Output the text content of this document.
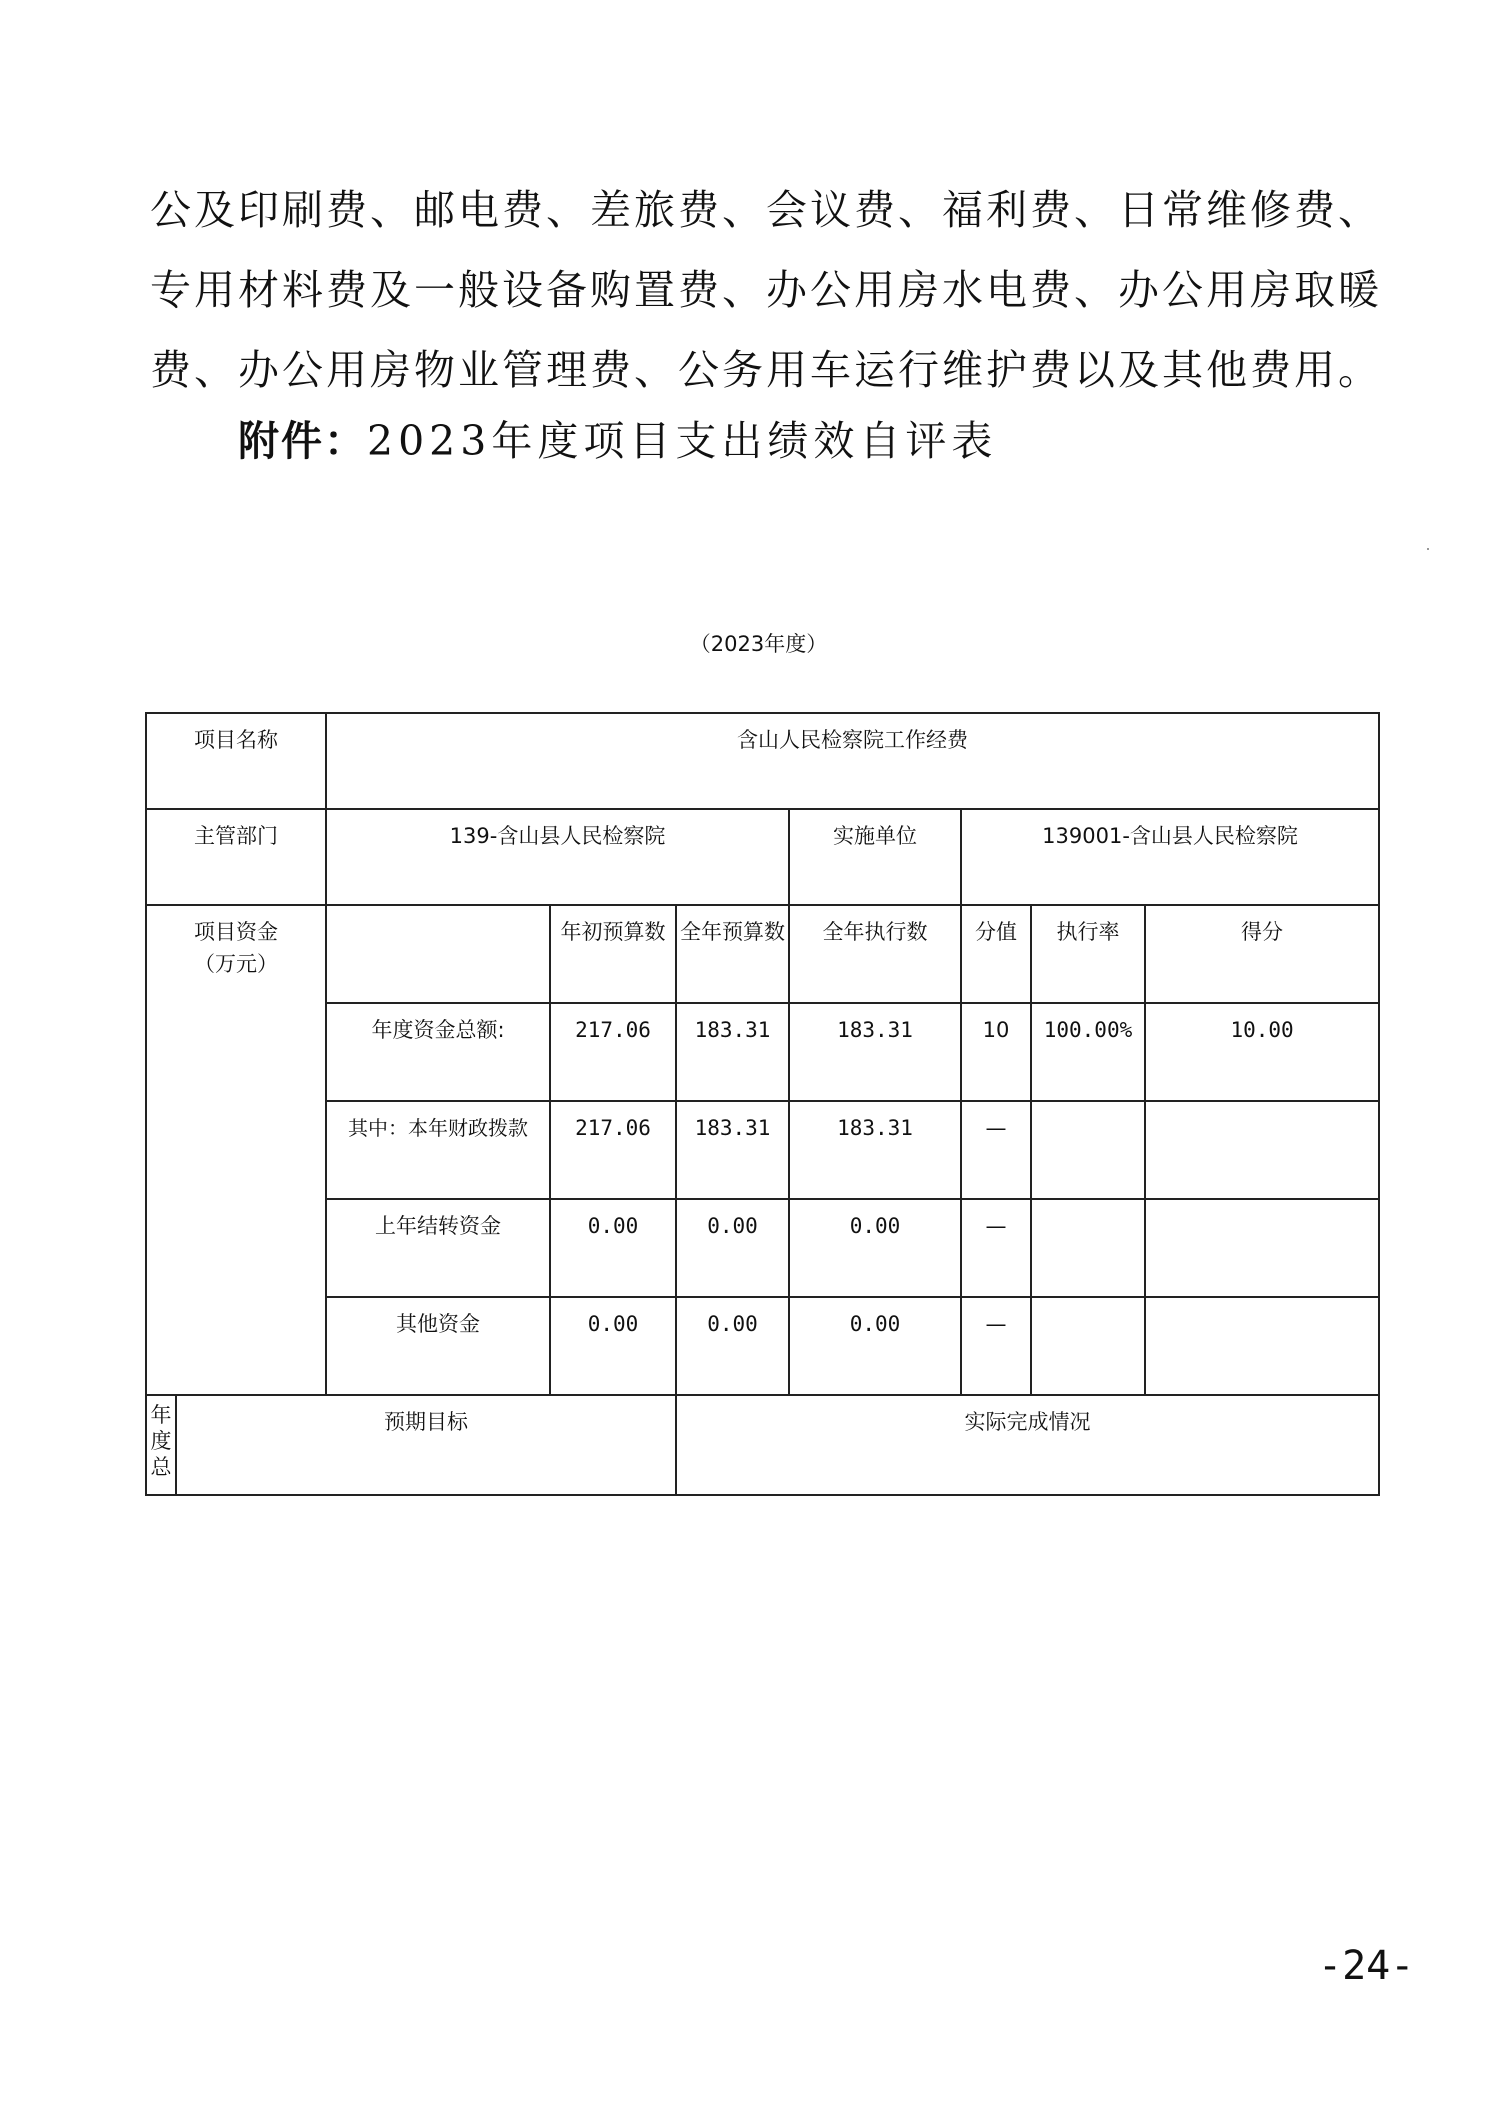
公及印刷费、邮电费、差旅费、会议费、福利费、日常维修费、
专用材料费及一般设备购置费、办公用房水电费、办公用房取暖
费、办公用房物业管理费、公务用车运行维护费以及其他费用。
附件：2023年度项目支出绩效自评表
（2023年度）
项目名称		含山人民检察院工作经费						
主管部门		139-含山县人民检察院			实施单位	139001-含山县人民检察院		

项目资金
（万元）			年初预算数	全年预算数	全年执行数	分值	执行率	得分
		年度资金总额:	217.06	183.31	183.31	10	100.00%	10.00
		其中：本年财政拨款	217.06	183.31	183.31	—		
		上年结转资金	0.00	0.00	0.00	—		
		其他资金	0.00	0.00	0.00	—		

年度总	预期目标			实际完成情况				
-24-
